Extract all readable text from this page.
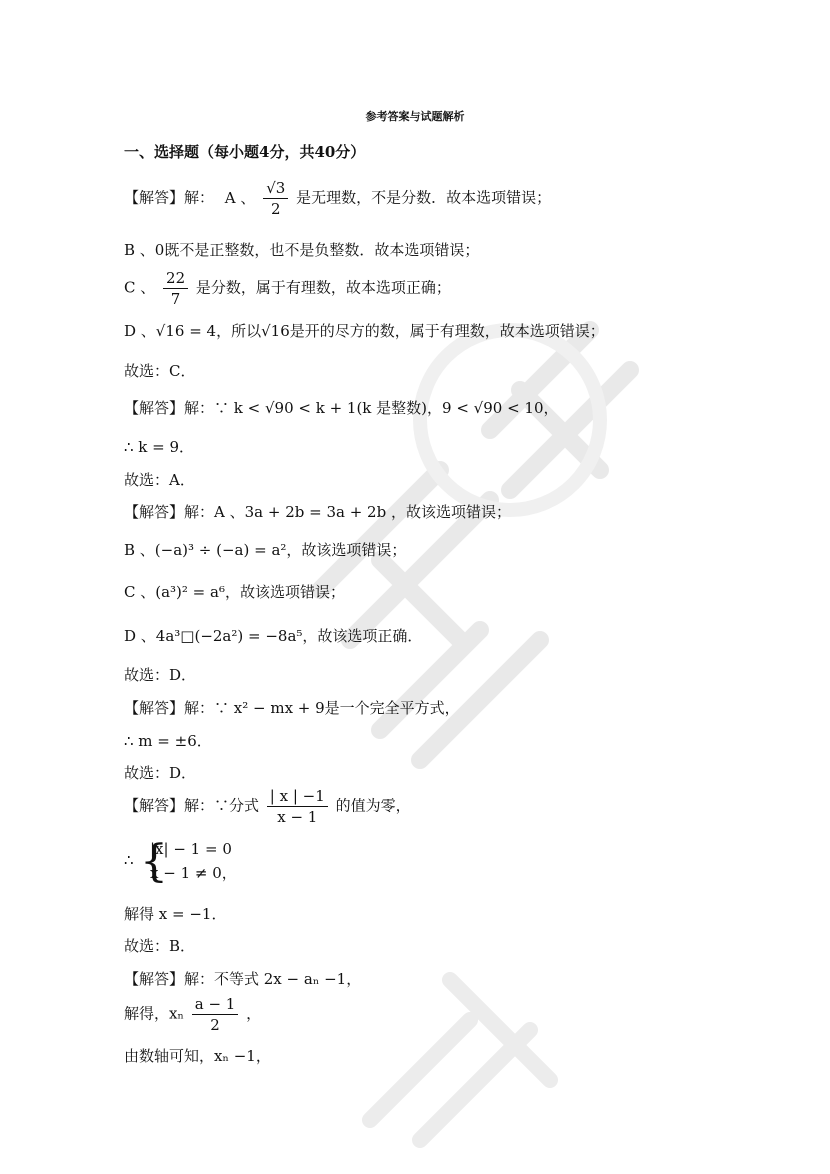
参考答案与试题解析
一、选择题（每小题4分，共40分）
【解答】解： A 、 $\frac{√3}{2}$ 是无理数，不是分数．故本选项错误；
B 、0既不是正整数，也不是负整数．故本选项错误；
C 、 $\frac{22}{7}$ 是分数，属于有理数，故本选项正确；
D 、√16 = 4，所以√16是开的尽方的数，属于有理数，故本选项错误；
故选：C．
【解答】解：∵ k < √90 < k + 1(k 是整数)，9 < √90 < 10，
∴ k = 9．
故选：A．
【解答】解：A 、3a + 2b = 3a + 2b ，故该选项错误；
B 、(−a)³ ÷ (−a) = a²，故该选项错误；
C 、(a³)² = a⁶，故该选项错误；
D 、4a³□(−2a²) = −8a⁵，故该选项正确．
故选：D．
【解答】解：∵ x² − mx + 9是一个完全平方式，
∴ m = ±6．
故选：D．
【解答】解：∵分式 $\frac{| x | -1}{x - 1}$ 的值为零，
∴ {
|x| − 1 = 0
x − 1 ≠ 0，
解得 x = −1．
故选：B．
【解答】解：不等式 2x − aₙ −1，
解得，xₙ $\frac{a - 1}{2}$ ，
由数轴可知，xₙ −1，
